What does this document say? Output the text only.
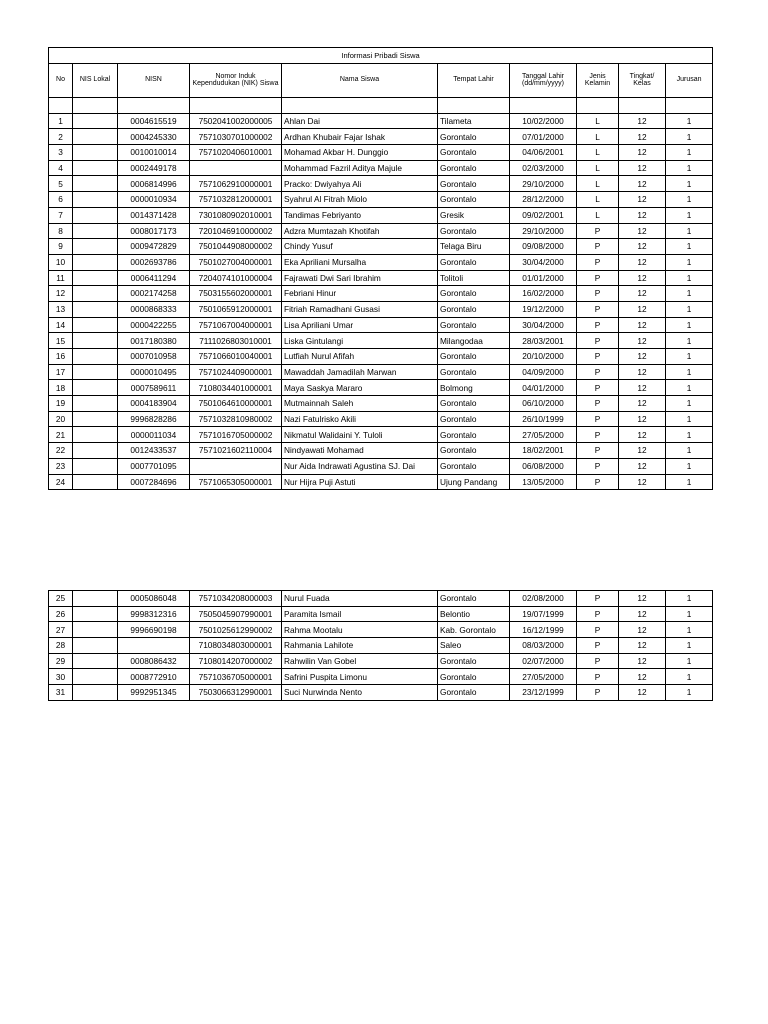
Informasi Pribadi Siswa									
No	NIS Lokal	NISN	Nomor Induk Kependudukan (NIK) Siswa	Nama Siswa	Tempat Lahir	Tanggal Lahir (dd/mm/yyyy)	Jenis Kelamin	Tingkat/ Kelas	Jurusan

1		0004615519	7502041002000005	Ahlan Dai	Tilameta	10/02/2000	L	12	1
2		0004245330	7571030701000002	Ardhan Khubair Fajar Ishak	Gorontalo	07/01/2000	L	12	1
3		0010010014	7571020406010001	Mohamad Akbar H. Dunggio	Gorontalo	04/06/2001	L	12	1
4		0002449178		Mohammad Fazril Aditya Majule	Gorontalo	02/03/2000	L	12	1
5		0006814996	7571062910000001	Pracko: Dwiyahya Ali	Gorontalo	29/10/2000	L	12	1
6		0000010934	7571032812000001	Syahrul Al Fitrah Miolo	Gorontalo	28/12/2000	L	12	1
7		0014371428	7301080902010001	Tandimas Febriyanto	Gresik	09/02/2001	L	12	1
8		0008017173	7201046910000002	Adzra Mumtazah Khotifah	Gorontalo	29/10/2000	P	12	1
9		0009472829	7501044908000002	Chindy Yusuf	Telaga Biru	09/08/2000	P	12	1
10		0002693786	7501027004000001	Eka Apriliani Mursalha	Gorontalo	30/04/2000	P	12	1
11		0006411294	7204074101000004	Fajrawati Dwi Sari Ibrahim	Tolitoli	01/01/2000	P	12	1
12		0002174258	7503155602000001	Febriani Hinur	Gorontalo	16/02/2000	P	12	1
13		0000868333	7501065912000001	Fitriah Ramadhani Gusasi	Gorontalo	19/12/2000	P	12	1
14		0000422255	7571067004000001	Lisa Apriliani Umar	Gorontalo	30/04/2000	P	12	1
15		0017180380	7111026803010001	Liska Gintulangi	Milangodaa	28/03/2001	P	12	1
16		0007010958	7571066010040001	Lutfiah Nurul Afifah	Gorontalo	20/10/2000	P	12	1
17		0000010495	7571024409000001	Mawaddah Jamadilah Marwan	Gorontalo	04/09/2000	P	12	1
18		0007589611	7108034401000001	Maya Saskya Mararo	Bolmong	04/01/2000	P	12	1
19		0004183904	7501064610000001	Mutmainnah Saleh	Gorontalo	06/10/2000	P	12	1
20		9996828286	7571032810980002	Nazi Fatulrisko Akili	Gorontalo	26/10/1999	P	12	1
21		0000011034	7571016705000002	Nikmatul Walidaini Y. Tuloli	Gorontalo	27/05/2000	P	12	1
22		0012433537	7571021602110004	Nindyawati Mohamad	Gorontalo	18/02/2001	P	12	1
23		0007701095		Nur Aida Indrawati Agustina SJ. Dai	Gorontalo	06/08/2000	P	12	1
24		0007284696	7571065305000001	Nur Hijra Puji Astuti	Ujung Pandang	13/05/2000	P	12	1
25		0005086048	7571034208000003	Nurul Fuada	Gorontalo	02/08/2000	P	12	1
26		9998312316	7505045907990001	Paramita Ismail	Belontio	19/07/1999	P	12	1
27		9996690198	7501025612990002	Rahma Mootalu	Kab. Gorontalo	16/12/1999	P	12	1
28			7108034803000001	Rahmania Lahilote	Saleo	08/03/2000	P	12	1
29		0008086432	7108014207000002	Rahwilin Van Gobel	Gorontalo	02/07/2000	P	12	1
30		0008772910	7571036705000001	Safrini Puspita Limonu	Gorontalo	27/05/2000	P	12	1
31		9992951345	7503066312990001	Suci Nurwinda Nento	Gorontalo	23/12/1999	P	12	1
